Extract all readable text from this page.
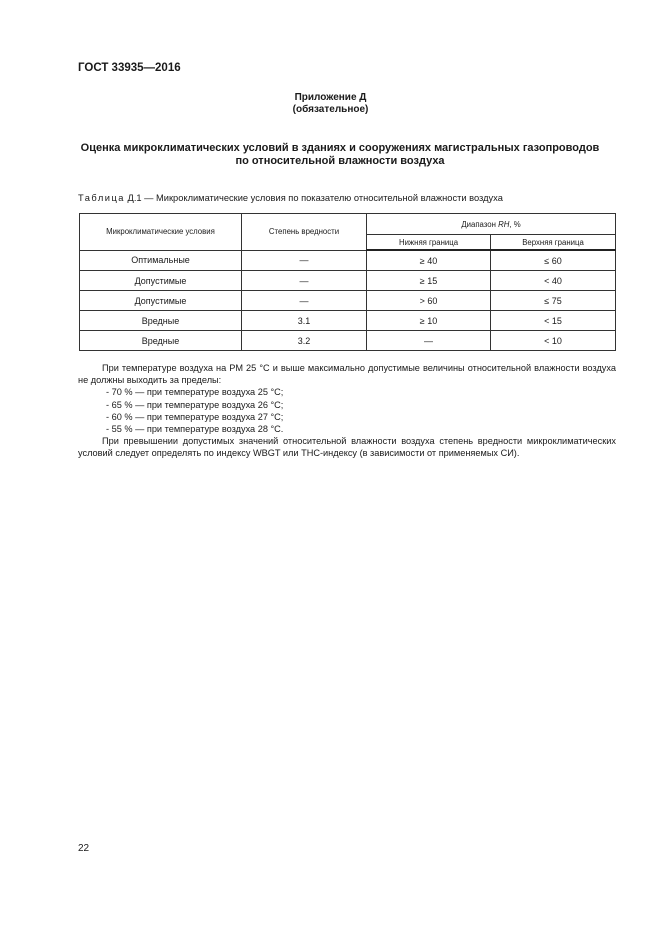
ГОСТ 33935—2016
Приложение Д
(обязательное)
Оценка микроклиматических условий в зданиях и сооружениях магистральных газопроводов
по относительной влажности воздуха
Таблица Д.1 — Микроклиматические условия по показателю относительной влажности воздуха
Микроклиматические условия	Степень вредности	Диапазон RH, %	
		Нижняя граница	Верхняя граница
Оптимальные	—	≥ 40	≤ 60
Допустимые	—	≥ 15	< 40
Допустимые	—	> 60	≤ 75
Вредные	3.1	≥ 10	< 15
Вредные	3.2	—	< 10

При температуре воздуха на РМ 25 °С и выше максимально допустимые величины относительной влажности воздуха не должны выходить за пределы:

- 70 % — при температуре воздуха 25 °С;

- 65 % — при температуре воздуха 26 °С;

- 60 % — при температуре воздуха 27 °С;

- 55 % — при температуре воздуха 28 °С.

При превышении допустимых значений относительной влажности воздуха степень вредности микроклиматических условий следует определять по индексу WBGT или ТНС-индексу (в зависимости от применяемых СИ).

22
